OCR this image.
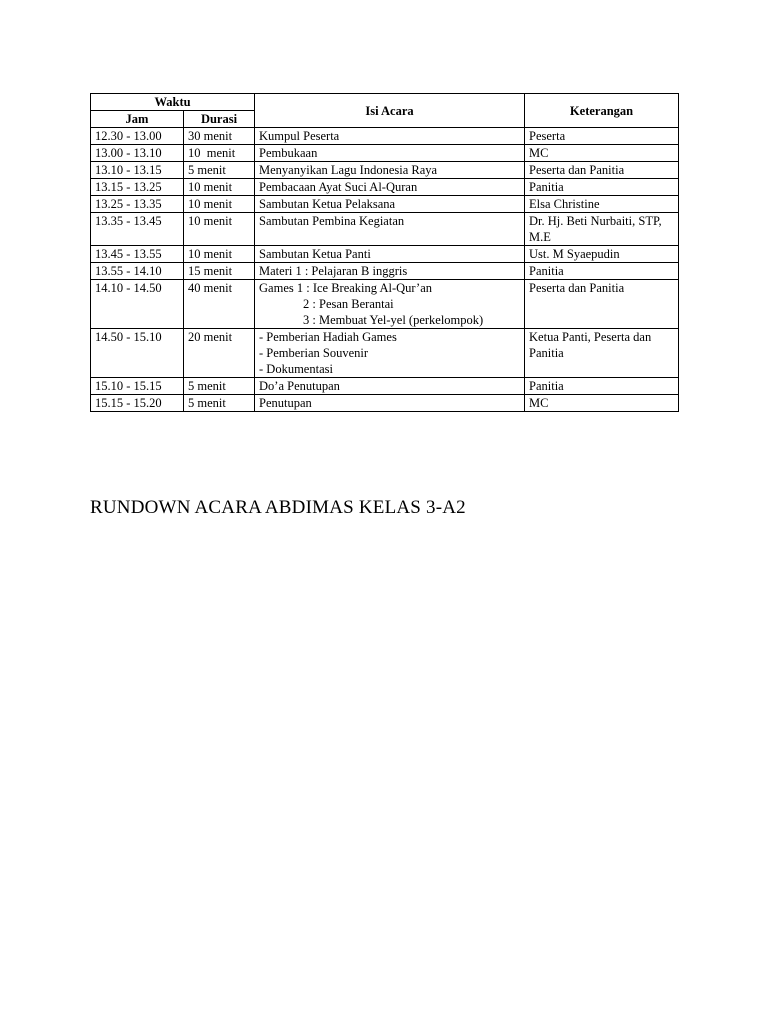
Waktu		Isi Acara	Keterangan
Jam	Durasi		
12.30 - 13.00	30 menit	Kumpul Peserta	Peserta
13.00 - 13.10	10  menit	Pembukaan	MC
13.10 - 13.15	5 menit	Menyanyikan Lagu Indonesia Raya	Peserta dan Panitia
13.15 - 13.25	10 menit	Pembacaan Ayat Suci Al-Quran	Panitia
13.25 - 13.35	10 menit	Sambutan Ketua Pelaksana	Elsa Christine
13.35 - 13.45	10 menit	Sambutan Pembina Kegiatan	Dr. Hj. Beti Nurbaiti, STP, M.E
13.45 - 13.55	10 menit	Sambutan Ketua Panti	Ust. M Syaepudin
13.55 - 14.10	15 menit	Materi 1 : Pelajaran B inggris	Panitia
14.10 - 14.50	40 menit	Games 1 : Ice Breaking Al-Qur’an
2 : Pesan Berantai
3 : Membuat Yel-yel (perkelompok)	Peserta dan Panitia
14.50 - 15.10	20 menit	- Pemberian Hadiah Games
- Pemberian Souvenir
- Dokumentasi	Ketua Panti, Peserta dan Panitia
15.10 - 15.15	5 menit	Do’a Penutupan	Panitia
15.15 - 15.20	5 menit	Penutupan	MC
RUNDOWN ACARA ABDIMAS KELAS 3-A2
